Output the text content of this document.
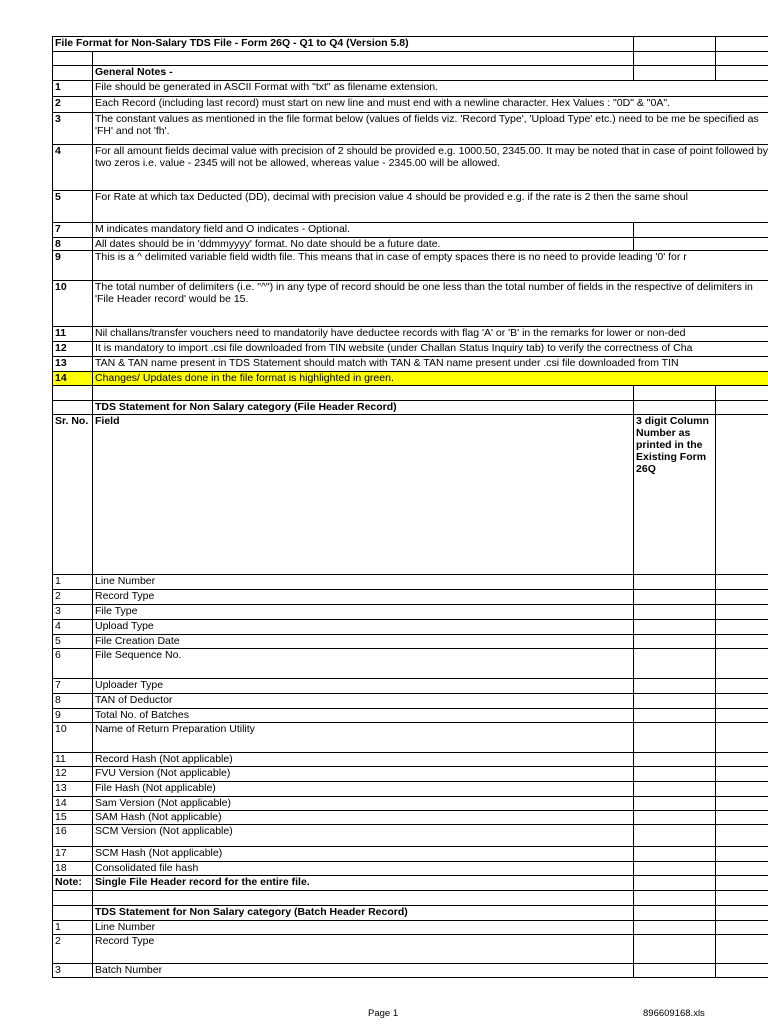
File Format for Non-Salary TDS File - Form 26Q - Q1 to Q4 (Version 5.8)			

	General Notes -		
1	File should be generated in ASCII Format with "txt" as filename extension.		
2	Each Record (including last record) must start on new line and must end with a newline character. Hex Values : "0D" & "0A".		
3	The constant values as mentioned in the file format below (values of fields viz. 'Record Type', 'Upload Type' etc.) need to be me be specified as 'FH' and not 'fh'.		
4	For all amount fields decimal value with precision of 2 should be provided e.g. 1000.50, 2345.00. It may be noted that in case of point followed by two zeros i.e. value - 2345 will not be allowed, whereas value - 2345.00 will be allowed.		
5	For Rate at which tax Deducted (DD), decimal with precision value 4 should be provided e.g. if the rate is 2 then the same shoul		
7	M indicates mandatory field and O indicates - Optional.		
8	All dates should be in 'ddmmyyyy' format. No date should be a future date.		
9	This is a ^ delimited variable field width file. This means that in case of empty spaces there is no need to provide leading '0' for r		
10	The total number of delimiters (i.e. "^") in any type of record should be one less than the total number of fields in the respective of delimiters in 'File Header record' would be 15.		
11	Nil challans/transfer vouchers need to mandatorily have deductee records with flag 'A' or 'B' in the remarks for lower or non-ded		
12	It is mandatory to import .csi file downloaded from TIN website (under Challan Status Inquiry tab) to verify the correctness of Cha		
13	TAN & TAN name present in TDS Statement should match with TAN & TAN name present under .csi file downloaded from TIN		
14	Changes/ Updates done in the file format is highlighted in green.		

	TDS Statement for Non Salary category (File Header Record)		
Sr. No.	Field	3 digit Column Number as printed in the Existing Form 26Q	
1	Line Number		
2	Record Type		
3	File Type		
4	Upload Type		
5	File Creation Date		
6	File Sequence No.		
7	Uploader Type		
8	TAN of Deductor		
9	Total No. of Batches		
10	Name of Return Preparation Utility		
11	Record Hash (Not applicable)		
12	FVU Version (Not applicable)		
13	File Hash (Not applicable)		
14	Sam Version (Not applicable)		
15	SAM Hash (Not applicable)		
16	SCM Version (Not applicable)		
17	SCM Hash (Not applicable)		
18	Consolidated file hash		
Note:	Single File Header record for the entire file.		

	TDS Statement for Non Salary category (Batch Header Record)		
1	Line Number		
2	Record Type		
3	Batch Number		
Page 1	896609168.xls
